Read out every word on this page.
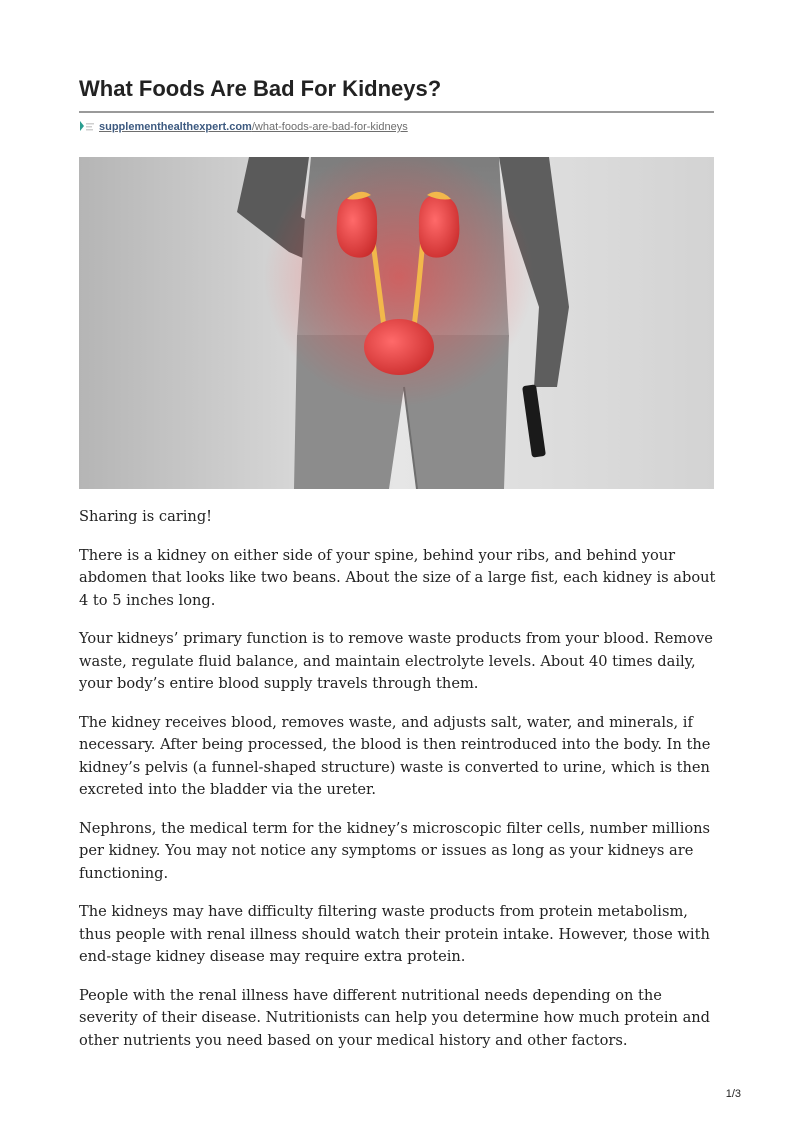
What Foods Are Bad For Kidneys?
supplementhealthexpert.com/what-foods-are-bad-for-kidneys

Sharing is caring!

There is a kidney on either side of your spine, behind your ribs, and behind your abdomen that looks like two beans. About the size of a large fist, each kidney is about 4 to 5 inches long.

Your kidneys’ primary function is to remove waste products from your blood. Remove waste, regulate fluid balance, and maintain electrolyte levels. About 40 times daily, your body’s entire blood supply travels through them.

The kidney receives blood, removes waste, and adjusts salt, water, and minerals, if necessary. After being processed, the blood is then reintroduced into the body. In the kidney’s pelvis (a funnel-shaped structure) waste is converted to urine, which is then excreted into the bladder via the ureter.

Nephrons, the medical term for the kidney’s microscopic filter cells, number millions per kidney. You may not notice any symptoms or issues as long as your kidneys are functioning.

The kidneys may have difficulty filtering waste products from protein metabolism, thus people with renal illness should watch their protein intake. However, those with end-stage kidney disease may require extra protein.

People with the renal illness have different nutritional needs depending on the severity of their disease. Nutritionists can help you determine how much protein and other nutrients you need based on your medical history and other factors.

1/3
